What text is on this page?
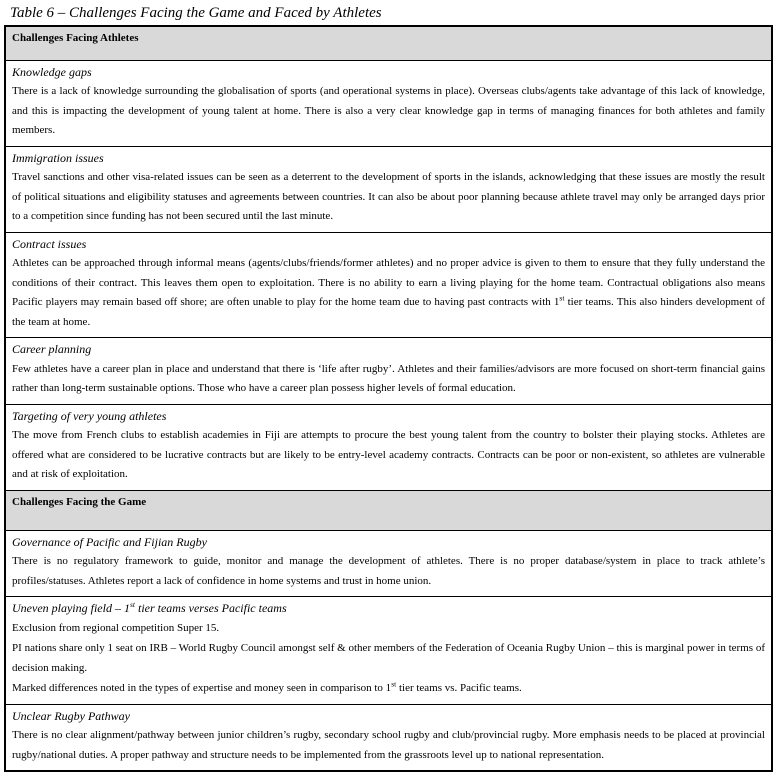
Table 6 – Challenges Facing the Game and Faced by Athletes
Challenges Facing Athletes

Knowledge gaps

There is a lack of knowledge surrounding the globalisation of sports (and operational systems in place). Overseas clubs/agents take advantage of this lack of knowledge, and this is impacting the development of young talent at home. There is also a very clear knowledge gap in terms of managing finances for both athletes and family members.

Immigration issues

Travel sanctions and other visa-related issues can be seen as a deterrent to the development of sports in the islands, acknowledging that these issues are mostly the result of political situations and eligibility statuses and agreements between countries. It can also be about poor planning because athlete travel may only be arranged days prior to a competition since funding has not been secured until the last minute.

Contract issues

Athletes can be approached through informal means (agents/clubs/friends/former athletes) and no proper advice is given to them to ensure that they fully understand the conditions of their contract. This leaves them open to exploitation. There is no ability to earn a living playing for the home team. Contractual obligations also means Pacific players may remain based off shore; are often unable to play for the home team due to having past contracts with 1st tier teams. This also hinders development of the team at home.

Career planning

Few athletes have a career plan in place and understand that there is ‘life after rugby’. Athletes and their families/advisors are more focused on short-term financial gains rather than long-term sustainable options. Those who have a career plan possess higher levels of formal education.

Targeting of very young athletes

The move from French clubs to establish academies in Fiji are attempts to procure the best young talent from the country to bolster their playing stocks. Athletes are offered what are considered to be lucrative contracts but are likely to be entry-level academy contracts. Contracts can be poor or non-existent, so athletes are vulnerable and at risk of exploitation.

Challenges Facing the Game

Governance of Pacific and Fijian Rugby

There is no regulatory framework to guide, monitor and manage the development of athletes. There is no proper database/system in place to track athlete’s profiles/statuses. Athletes report a lack of confidence in home systems and trust in home union.

Uneven playing field – 1st tier teams verses Pacific teams

Exclusion from regional competition Super 15.

PI nations share only 1 seat on IRB – World Rugby Council amongst self & other members of the Federation of Oceania Rugby Union – this is marginal power in terms of decision making.

Marked differences noted in the types of expertise and money seen in comparison to 1st tier teams vs. Pacific teams.

Unclear Rugby Pathway

There is no clear alignment/pathway between junior children’s rugby, secondary school rugby and club/provincial rugby. More emphasis needs to be placed at provincial rugby/national duties. A proper pathway and structure needs to be implemented from the grassroots level up to national representation.
